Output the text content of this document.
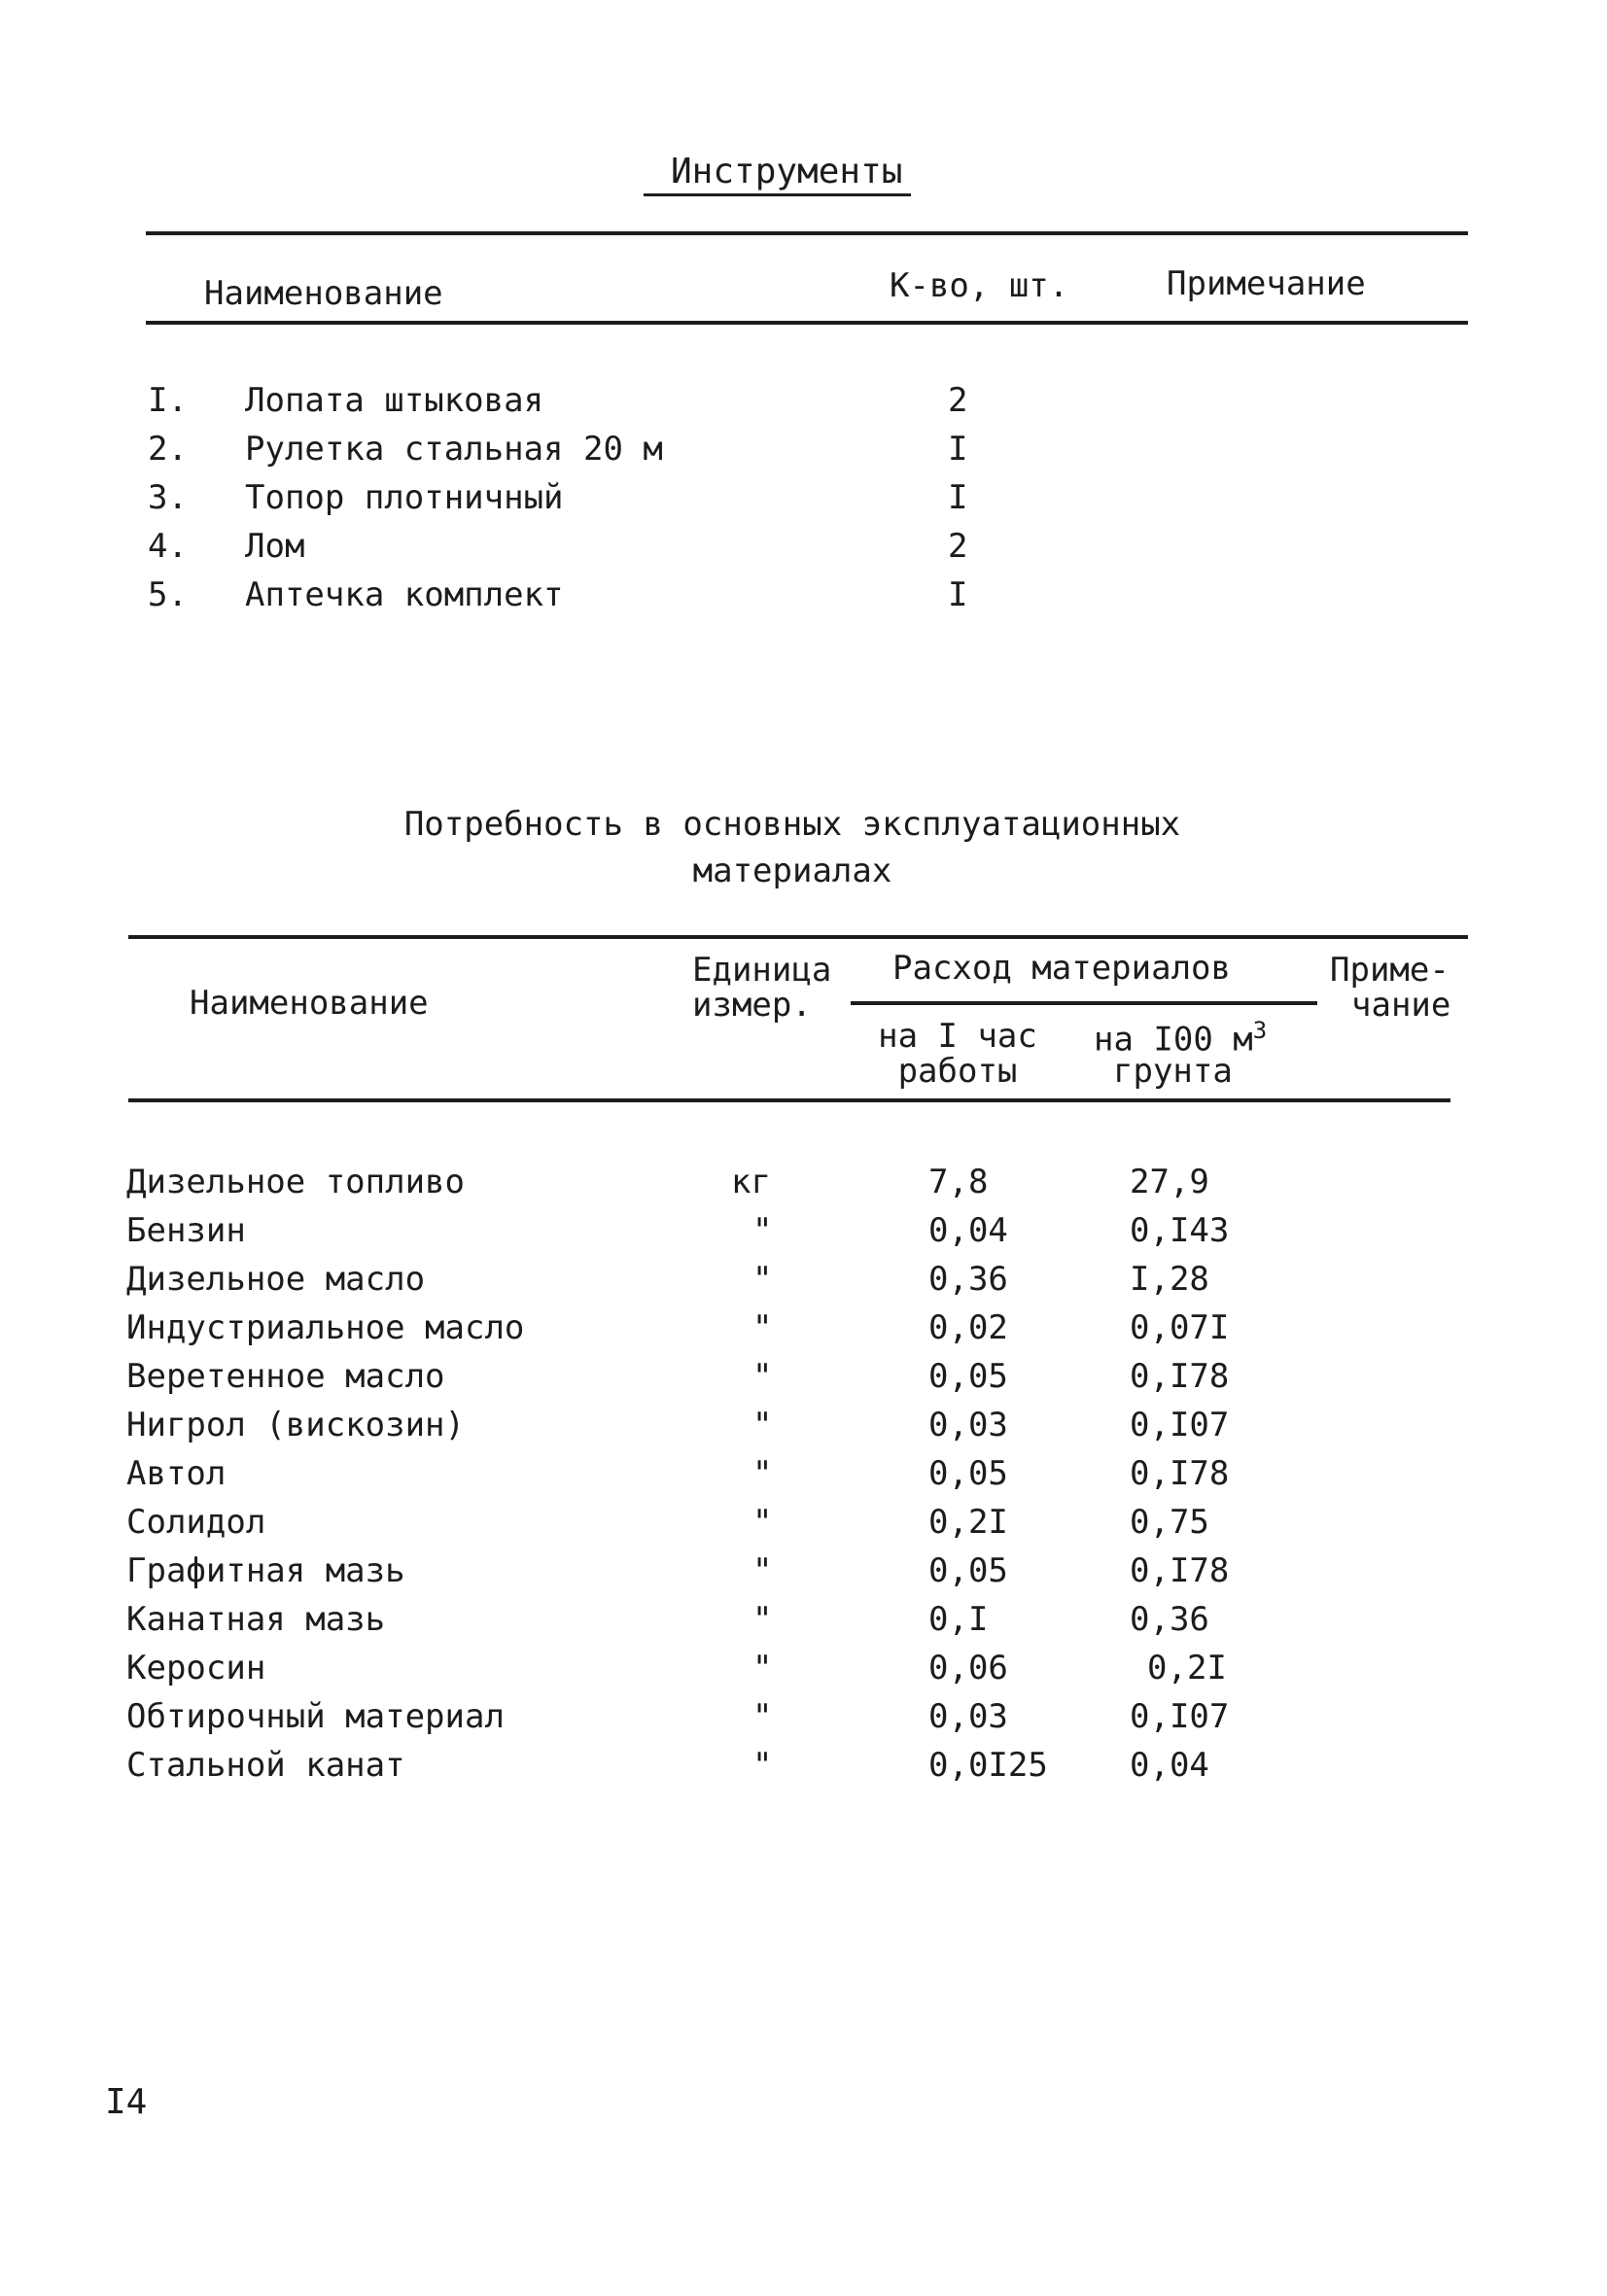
Инструменты
Наименование	К-во, шт.	Примечание
I. Лопата штыковая	2
2. Рулетка стальная 20 м	I
3. Топор плотничный	I
4. Лом	2
5. Аптечка комплект	I
Потребность в основных эксплуатационных
материалах
Наименование
Единица
измер.
Расход материалов
на I час
работы
на I00 $м^3$
грунта
Приме-
чание
Дизельное топливо	кг	7,8	27,9
Бензин	"	0,04	0,I43
Дизельное масло	"	0,36	I,28
Индустриальное масло	"	0,02	0,07I
Веретенное масло	"	0,05	0,I78
Нигрол (вискозин)	"	0,03	0,I07
Автол	"	0,05	0,I78
Солидол	"	0,2I	0,75
Графитная мазь	"	0,05	0,I78
Канатная мазь	"	0,I	0,36
Керосин	"	0,06	0,2I
Обтирочный материал	"	0,03	0,I07
Стальной канат	"	0,0I25 0,04
I4
